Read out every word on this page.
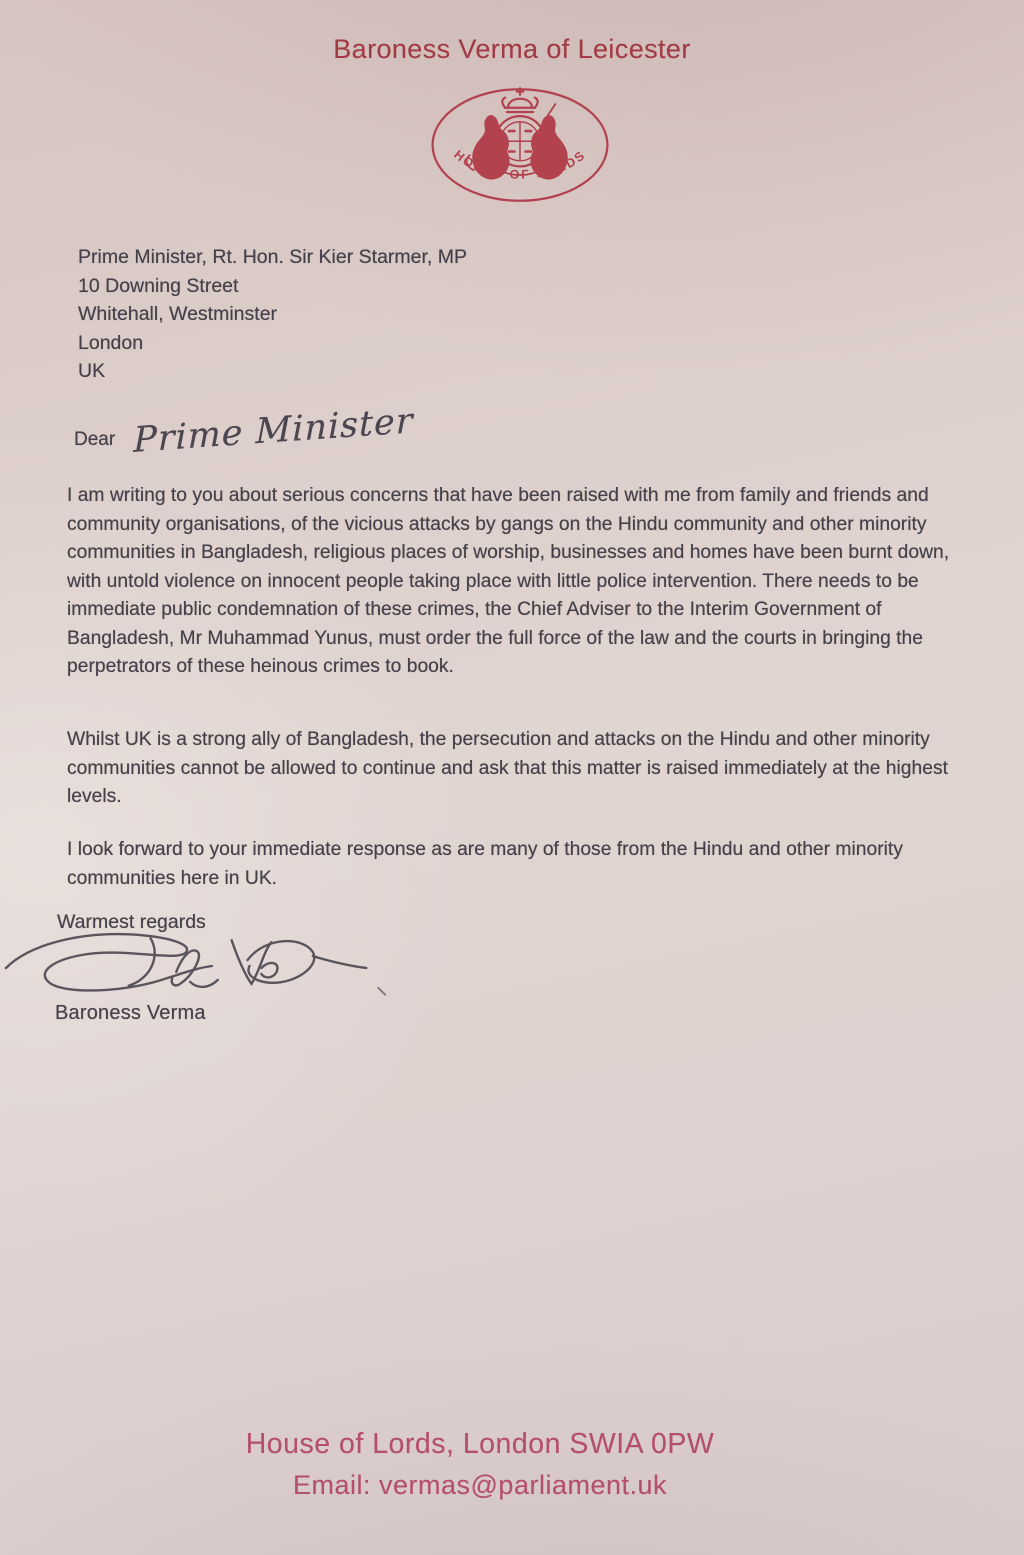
Baroness Verma of Leicester
HOUSE OF LORDS
Prime Minister, Rt. Hon. Sir Kier Starmer, MP
10 Downing Street
Whitehall, Westminster
London
UK
Dear Prime Minister
I am writing to you about serious concerns that have been raised with me from family and friends and community organisations, of the vicious attacks by gangs on the Hindu community and other minority communities in Bangladesh, religious places of worship, businesses and homes have been burnt down, with untold violence on innocent people taking place with little police intervention. There needs to be immediate public condemnation of these crimes, the Chief Adviser to the Interim Government of Bangladesh, Mr Muhammad Yunus, must order the full force of the law and the courts in bringing the perpetrators of these heinous crimes to book.
Whilst UK is a strong ally of Bangladesh, the persecution and attacks on the Hindu and other minority communities cannot be allowed to continue and ask that this matter is raised immediately at the highest levels.
I look forward to your immediate response as are many of those from the Hindu and other minority communities here in UK.
Warmest regards
Baroness Verma
House of Lords, London SWIA 0PW
Email: vermas@parliament.uk
